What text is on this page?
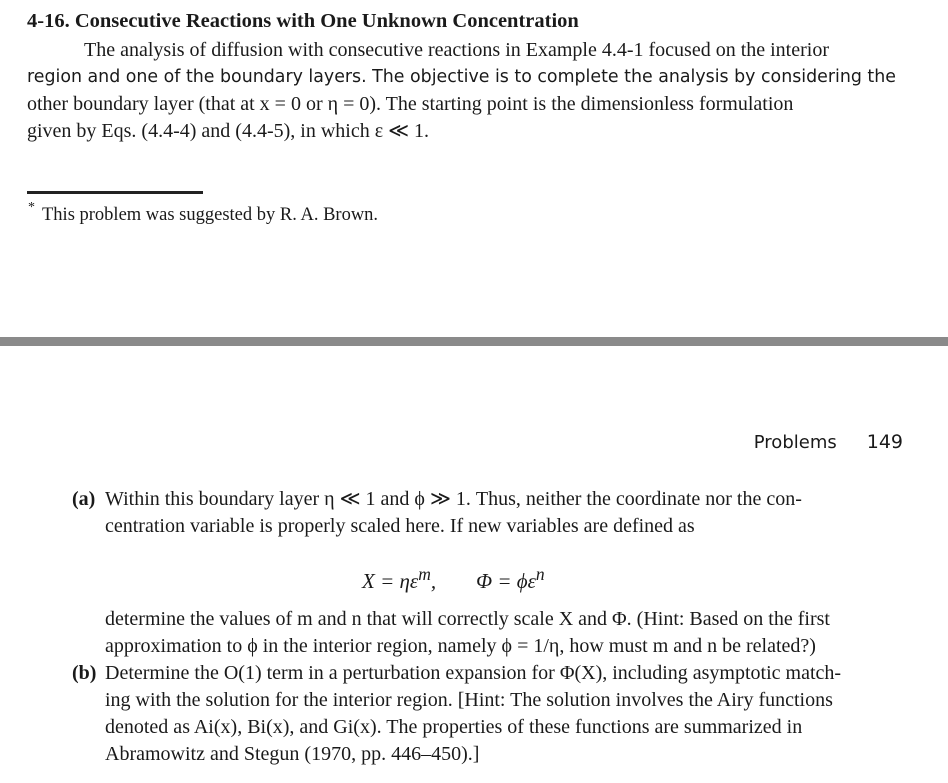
4-16. Consecutive Reactions with One Unknown Concentration
The analysis of diffusion with consecutive reactions in Example 4.4-1 focused on the interior
region and one of the boundary layers. The objective is to complete the analysis by considering the
other boundary layer (that at x = 0 or η = 0). The starting point is the dimensionless formulation
given by Eqs. (4.4-4) and (4.4-5), in which ε ≪ 1.
* This problem was suggested by R. A. Brown.
Problems 149
(a) Within this boundary layer η ≪ 1 and ϕ ≫ 1. Thus, neither the coordinate nor the con-
centration variable is properly scaled here. If new variables are defined as
$X = \eta\varepsilon^m$, $\Phi = \phi\varepsilon^n$
determine the values of m and n that will correctly scale X and Φ. (Hint: Based on the first
approximation to ϕ in the interior region, namely ϕ = 1/η, how must m and n be related?)
(b) Determine the O(1) term in a perturbation expansion for Φ(X), including asymptotic match-
ing with the solution for the interior region. [Hint: The solution involves the Airy functions
denoted as Ai(x), Bi(x), and Gi(x). The properties of these functions are summarized in
Abramowitz and Stegun (1970, pp. 446–450).]
